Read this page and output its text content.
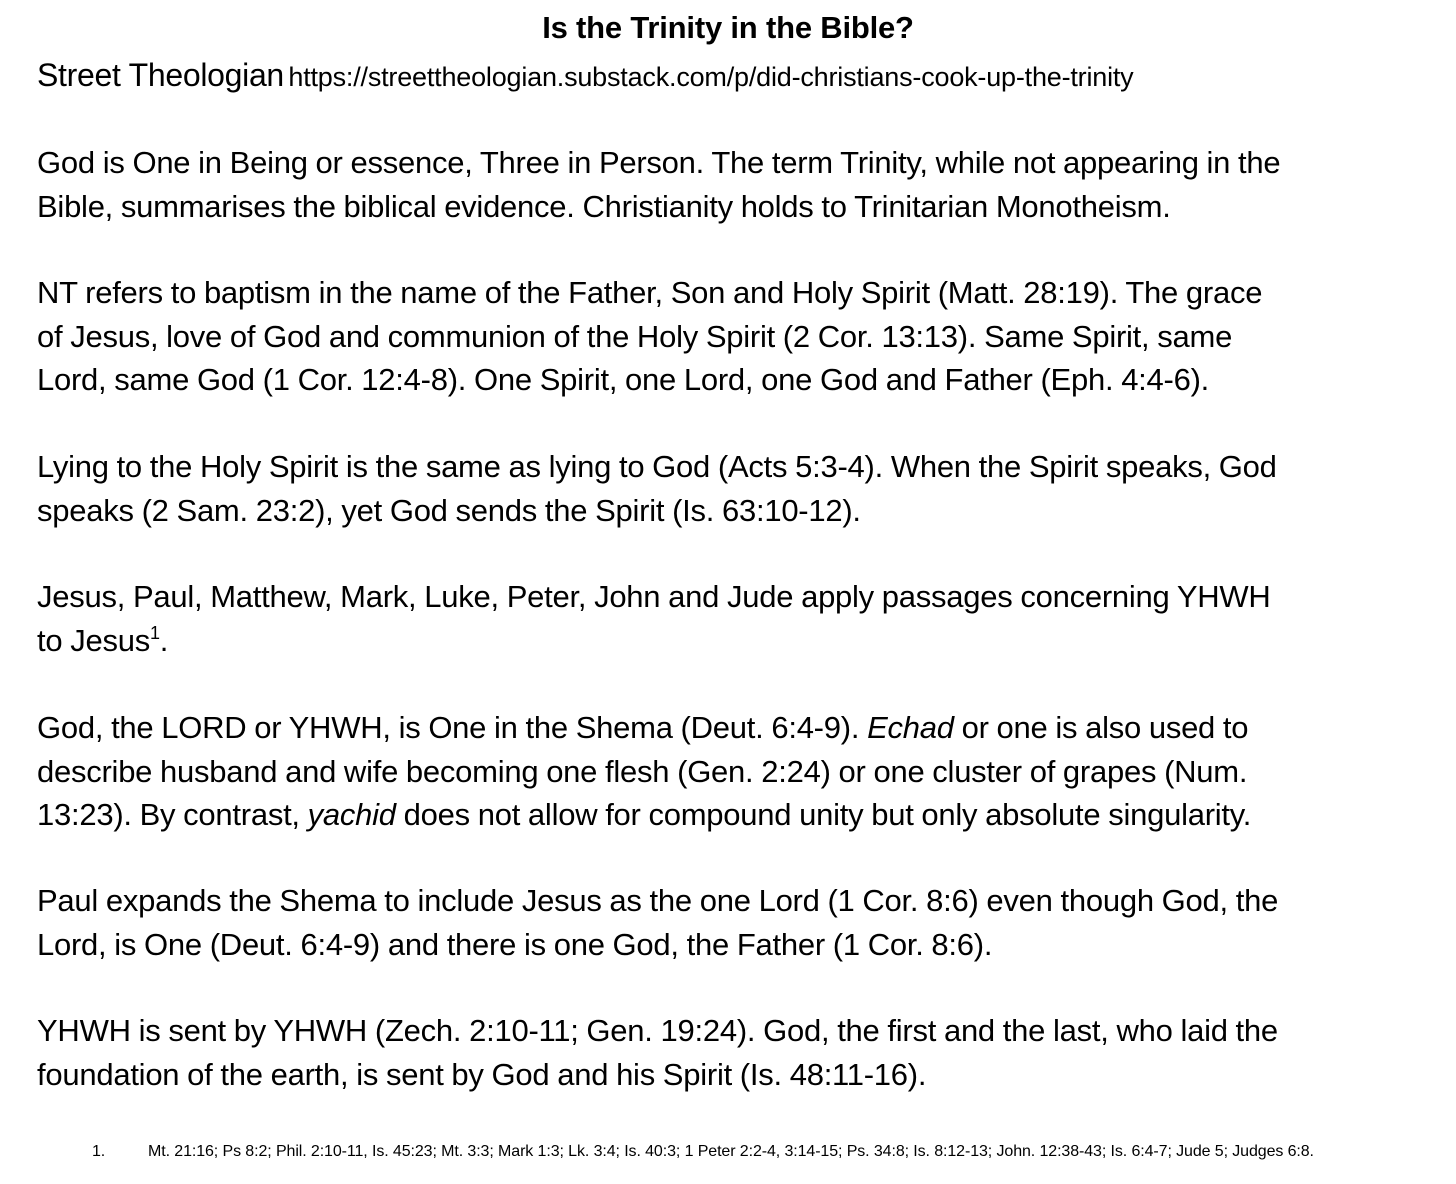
Is the Trinity in the Bible?
Street Theologian https://streettheologian.substack.com/p/did-christians-cook-up-the-trinity
God is One in Being or essence, Three in Person. The term Trinity, while not appearing in the
Bible, summarises the biblical evidence. Christianity holds to Trinitarian Monotheism.
NT refers to baptism in the name of the Father, Son and Holy Spirit (Matt. 28:19). The grace
of Jesus, love of God and communion of the Holy Spirit (2 Cor. 13:13). Same Spirit, same
Lord, same God (1 Cor. 12:4-8). One Spirit, one Lord, one God and Father (Eph. 4:4-6).
Lying to the Holy Spirit is the same as lying to God (Acts 5:3-4). When the Spirit speaks, God
speaks (2 Sam. 23:2), yet God sends the Spirit (Is. 63:10-12).
Jesus, Paul, Matthew, Mark, Luke, Peter, John and Jude apply passages concerning YHWH
to Jesus$^1$.
God, the LORD or YHWH, is One in the Shema (Deut. 6:4-9). Echad or one is also used to
describe husband and wife becoming one flesh (Gen. 2:24) or one cluster of grapes (Num.
13:23). By contrast, yachid does not allow for compound unity but only absolute singularity.
Paul expands the Shema to include Jesus as the one Lord (1 Cor. 8:6) even though God, the
Lord, is One (Deut. 6:4-9) and there is one God, the Father (1 Cor. 8:6).
YHWH is sent by YHWH (Zech. 2:10-11; Gen. 19:24). God, the first and the last, who laid the
foundation of the earth, is sent by God and his Spirit (Is. 48:11-16).
1.	Mt. 21:16; Ps 8:2; Phil. 2:10-11, Is. 45:23; Mt. 3:3; Mark 1:3; Lk. 3:4; Is. 40:3; 1 Peter 2:2-4, 3:14-15; Ps. 34:8; Is. 8:12-13; John. 12:38-43; Is. 6:4-7; Jude 5; Judges 6:8.
